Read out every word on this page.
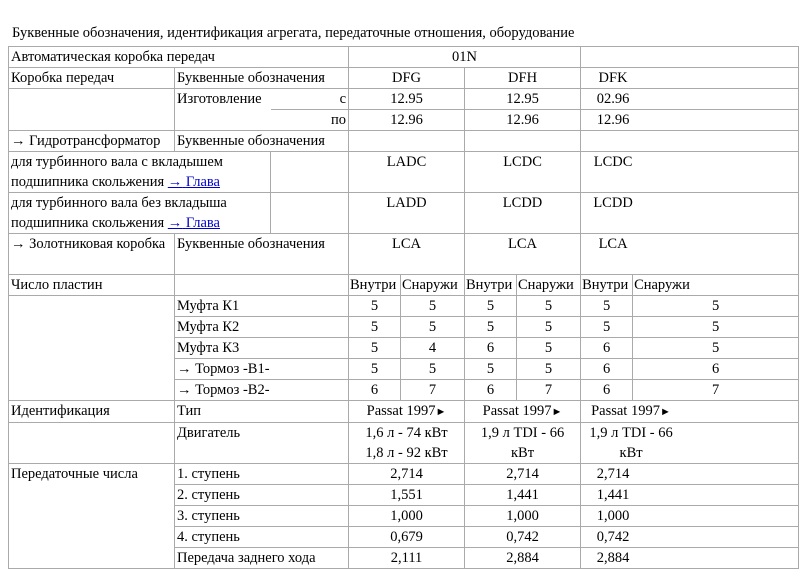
Буквенные обозначения, идентификация агрегата, передаточные отношения, оборудование
Автоматическая коробка передач			01N					
Коробка передач	Буквенные обозначения		DFG		DFH		DFK	
	Изготовление	с	12.95		12.95		02.96	
		по	12.96		12.96		12.96	
→ Гидротрансформатор	Буквенные обозначения							
для турбинного вала с вкладышем подшипника скольжения → Глава			LADC		LCDC		LCDC	
для турбинного вала без вкладыша подшипника скольжения → Глава			LADD		LCDD		LCDD	
→ Золотниковая коробка	Буквенные обозначения		LCA		LCA		LCA	
Число пластин			Внутри	Снаружи	Внутри	Снаружи	Внутри	Снаружи
	Муфта К1		5	5	5	5	5	5
	Муфта К2		5	5	5	5	5	5
	Муфта К3		5	4	6	5	6	5
	→ Тормоз -B1-		5	5	5	5	6	6
	→ Тормоз -B2-		6	7	6	7	6	7
Идентификация	Тип		Passat 1997►		Passat 1997►		Passat 1997►	
	Двигатель		1,6 л - 74 кВт 1,8 л - 92 кВт		1,9 л TDI - 66 кВт		1,9 л TDI - 66 кВт	
Передаточные числа	1. ступень		2,714		2,714		2,714	
	2. ступень		1,551		1,441		1,441	
	3. ступень		1,000		1,000		1,000	
	4. ступень		0,679		0,742		0,742	
	Передача заднего хода		2,111		2,884		2,884	
